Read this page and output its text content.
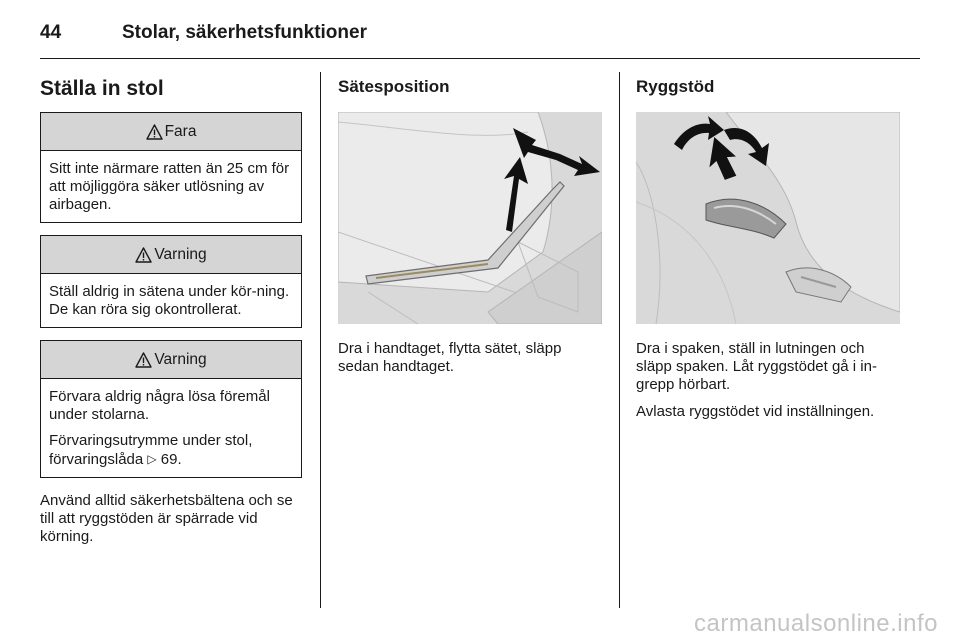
44	Stolar, säkerhetsfunktioner
Ställa in stol
Fara

Sitt inte närmare ratten än 25 cm för att möjliggöra säker utlösning av airbagen.

Varning

Ställ aldrig in sätena under kör-ning. De kan röra sig okontrollerat.

Varning

Förvara aldrig några lösa föremål under stolarna.

Förvaringsutrymme under stol, förvaringslåda ▷ 69.

Använd alltid säkerhetsbältena och se till att ryggstöden är spärrade vid körning.

Sätesposition

Dra i handtaget, flytta sätet, släpp sedan handtaget.

Ryggstöd

Dra i spaken, ställ in lutningen och släpp spaken. Låt ryggstödet gå i in-grepp hörbart.

Avlasta ryggstödet vid inställningen.

carmanualsonline.info
